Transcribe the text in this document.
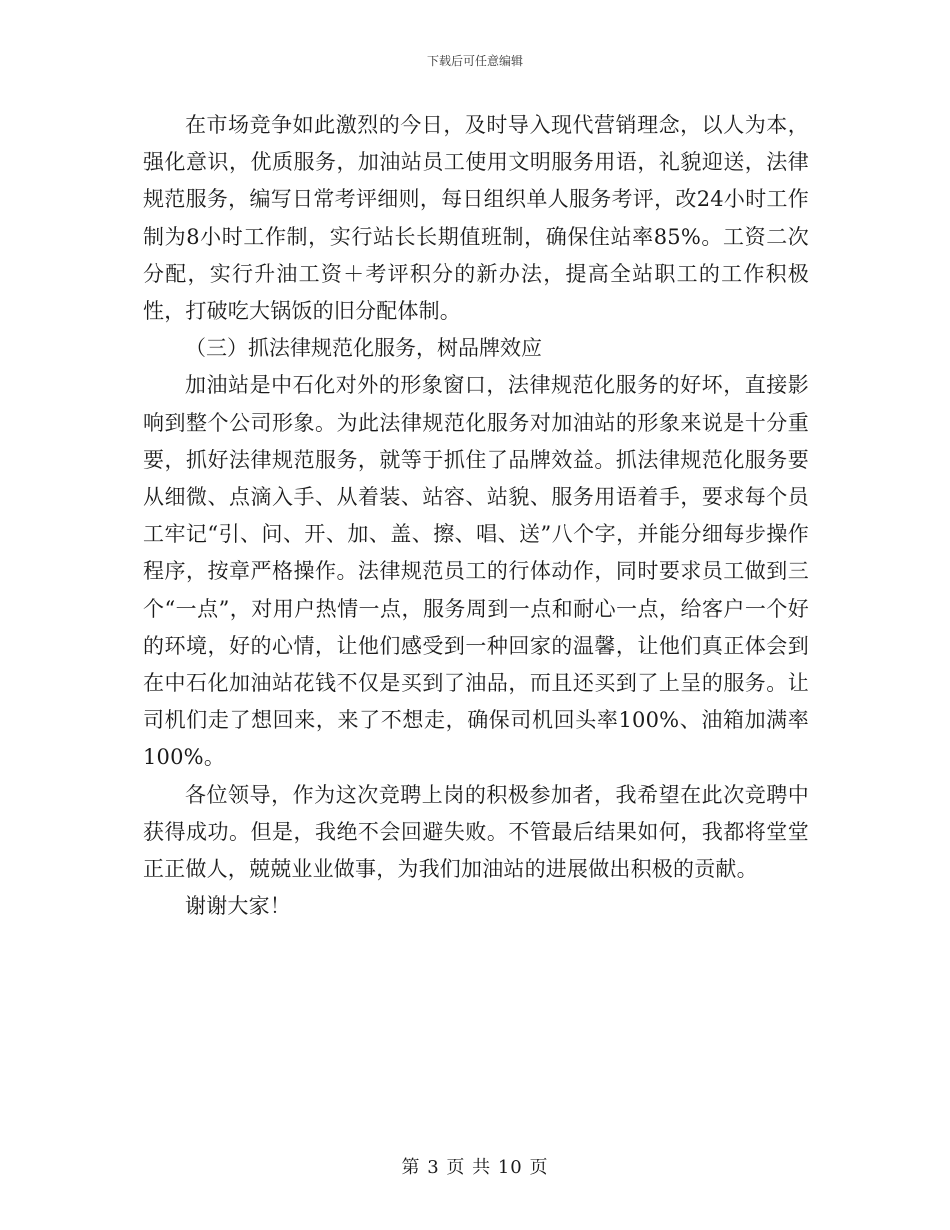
下载后可任意编辑

在市场竞争如此激烈的今日，及时导入现代营销理念，以人为本，强化意识，优质服务，加油站员工使用文明服务用语，礼貌迎送，法律规范服务，编写日常考评细则，每日组织单人服务考评，改24小时工作制为8小时工作制，实行站长长期值班制，确保住站率85%。工资二次分配，实行升油工资＋考评积分的新办法，提高全站职工的工作积极性，打破吃大锅饭的旧分配体制。

（三）抓法律规范化服务，树品牌效应

加油站是中石化对外的形象窗口，法律规范化服务的好坏，直接影响到整个公司形象。为此法律规范化服务对加油站的形象来说是十分重要，抓好法律规范服务，就等于抓住了品牌效益。抓法律规范化服务要从细微、点滴入手、从着装、站容、站貌、服务用语着手，要求每个员工牢记“引、问、开、加、盖、擦、唱、送”八个字，并能分细每步操作程序，按章严格操作。法律规范员工的行体动作，同时要求员工做到三个“一点”，对用户热情一点，服务周到一点和耐心一点，给客户一个好的环境，好的心情，让他们感受到一种回家的温馨，让他们真正体会到在中石化加油站花钱不仅是买到了油品，而且还买到了上呈的服务。让司机们走了想回来，来了不想走，确保司机回头率100%、油箱加满率100%。

各位领导，作为这次竞聘上岗的积极参加者，我希望在此次竞聘中获得成功。但是，我绝不会回避失败。不管最后结果如何，我都将堂堂正正做人，兢兢业业做事，为我们加油站的进展做出积极的贡献。

谢谢大家！

第 3 页 共 10 页
